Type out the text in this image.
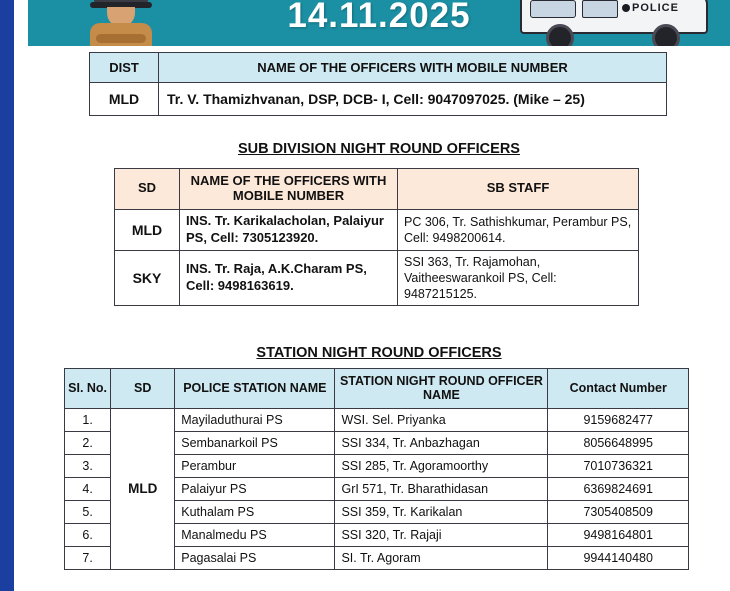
14.11.2025	POLICE
DIST	NAME OF THE OFFICERS WITH MOBILE NUMBER
MLD	Tr. V. Thamizhvanan, DSP, DCB- I, Cell: 9047097025. (Mike – 25)
SUB DIVISION NIGHT ROUND OFFICERS
SD	NAME OF THE OFFICERS WITH MOBILE NUMBER	SB STAFF
MLD	INS. Tr. Karikalacholan, Palaiyur PS, Cell: 7305123920.	PC 306, Tr. Sathishkumar, Perambur PS, Cell: 9498200614.
SKY	INS. Tr. Raja, A.K.Charam PS, Cell: 9498163619.	SSI 363, Tr. Rajamohan, Vaitheeswarankoil PS, Cell: 9487215125.
STATION NIGHT ROUND OFFICERS
SI. No.	SD	POLICE STATION NAME	STATION NIGHT ROUND OFFICER NAME	Contact Number
1.	MLD	Mayiladuthurai PS	WSI. Sel. Priyanka	9159682477
2.		Sembanarkoil PS	SSI 334, Tr. Anbazhagan	8056648995
3.		Perambur	SSI 285, Tr. Agoramoorthy	7010736321
4.		Palaiyur PS	GrI 571, Tr. Bharathidasan	6369824691
5.		Kuthalam PS	SSI 359, Tr. Karikalan	7305408509
6.		Manalmedu PS	SSI 320, Tr. Rajaji	9498164801
7.		Pagasalai PS	SI. Tr. Agoram	9944140480
